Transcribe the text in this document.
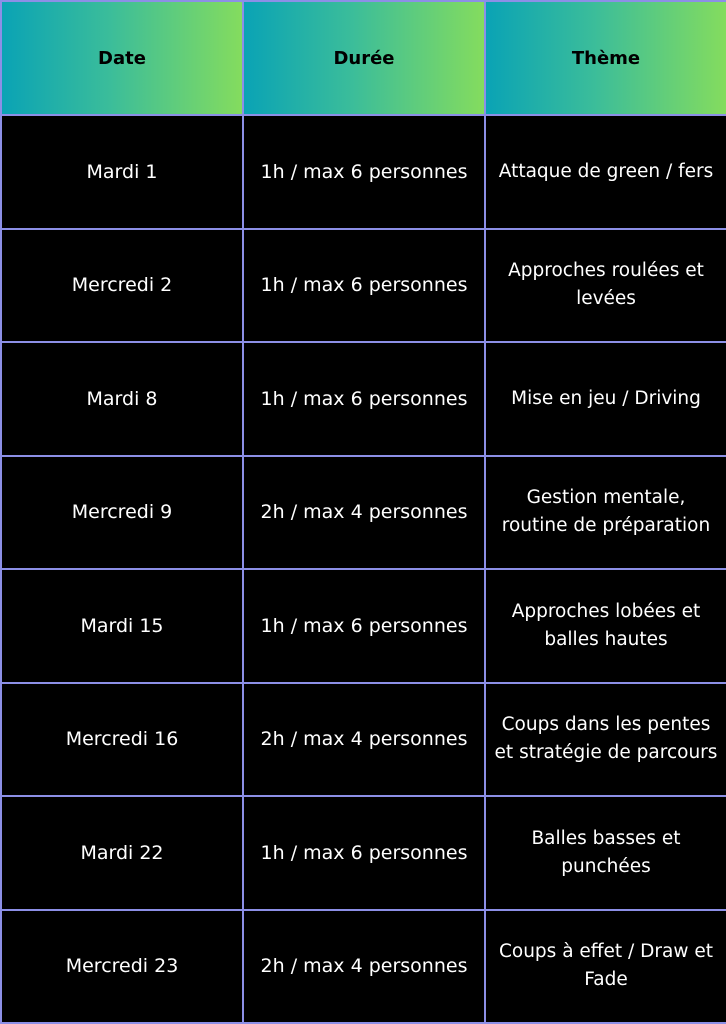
Date	Durée	Thème
Mardi 1	1h / max 6 personnes	Attaque de green / fers
Mercredi 2	1h / max 6 personnes	Approches roulées et levées
Mardi 8	1h / max 6 personnes	Mise en jeu / Driving
Mercredi 9	2h / max 4 personnes	Gestion mentale, routine de préparation
Mardi 15	1h / max 6 personnes	Approches lobées et balles hautes
Mercredi 16	2h / max 4 personnes	Coups dans les pentes et stratégie de parcours
Mardi 22	1h / max 6 personnes	Balles basses et punchées
Mercredi 23	2h / max 4 personnes	Coups à effet / Draw et Fade
